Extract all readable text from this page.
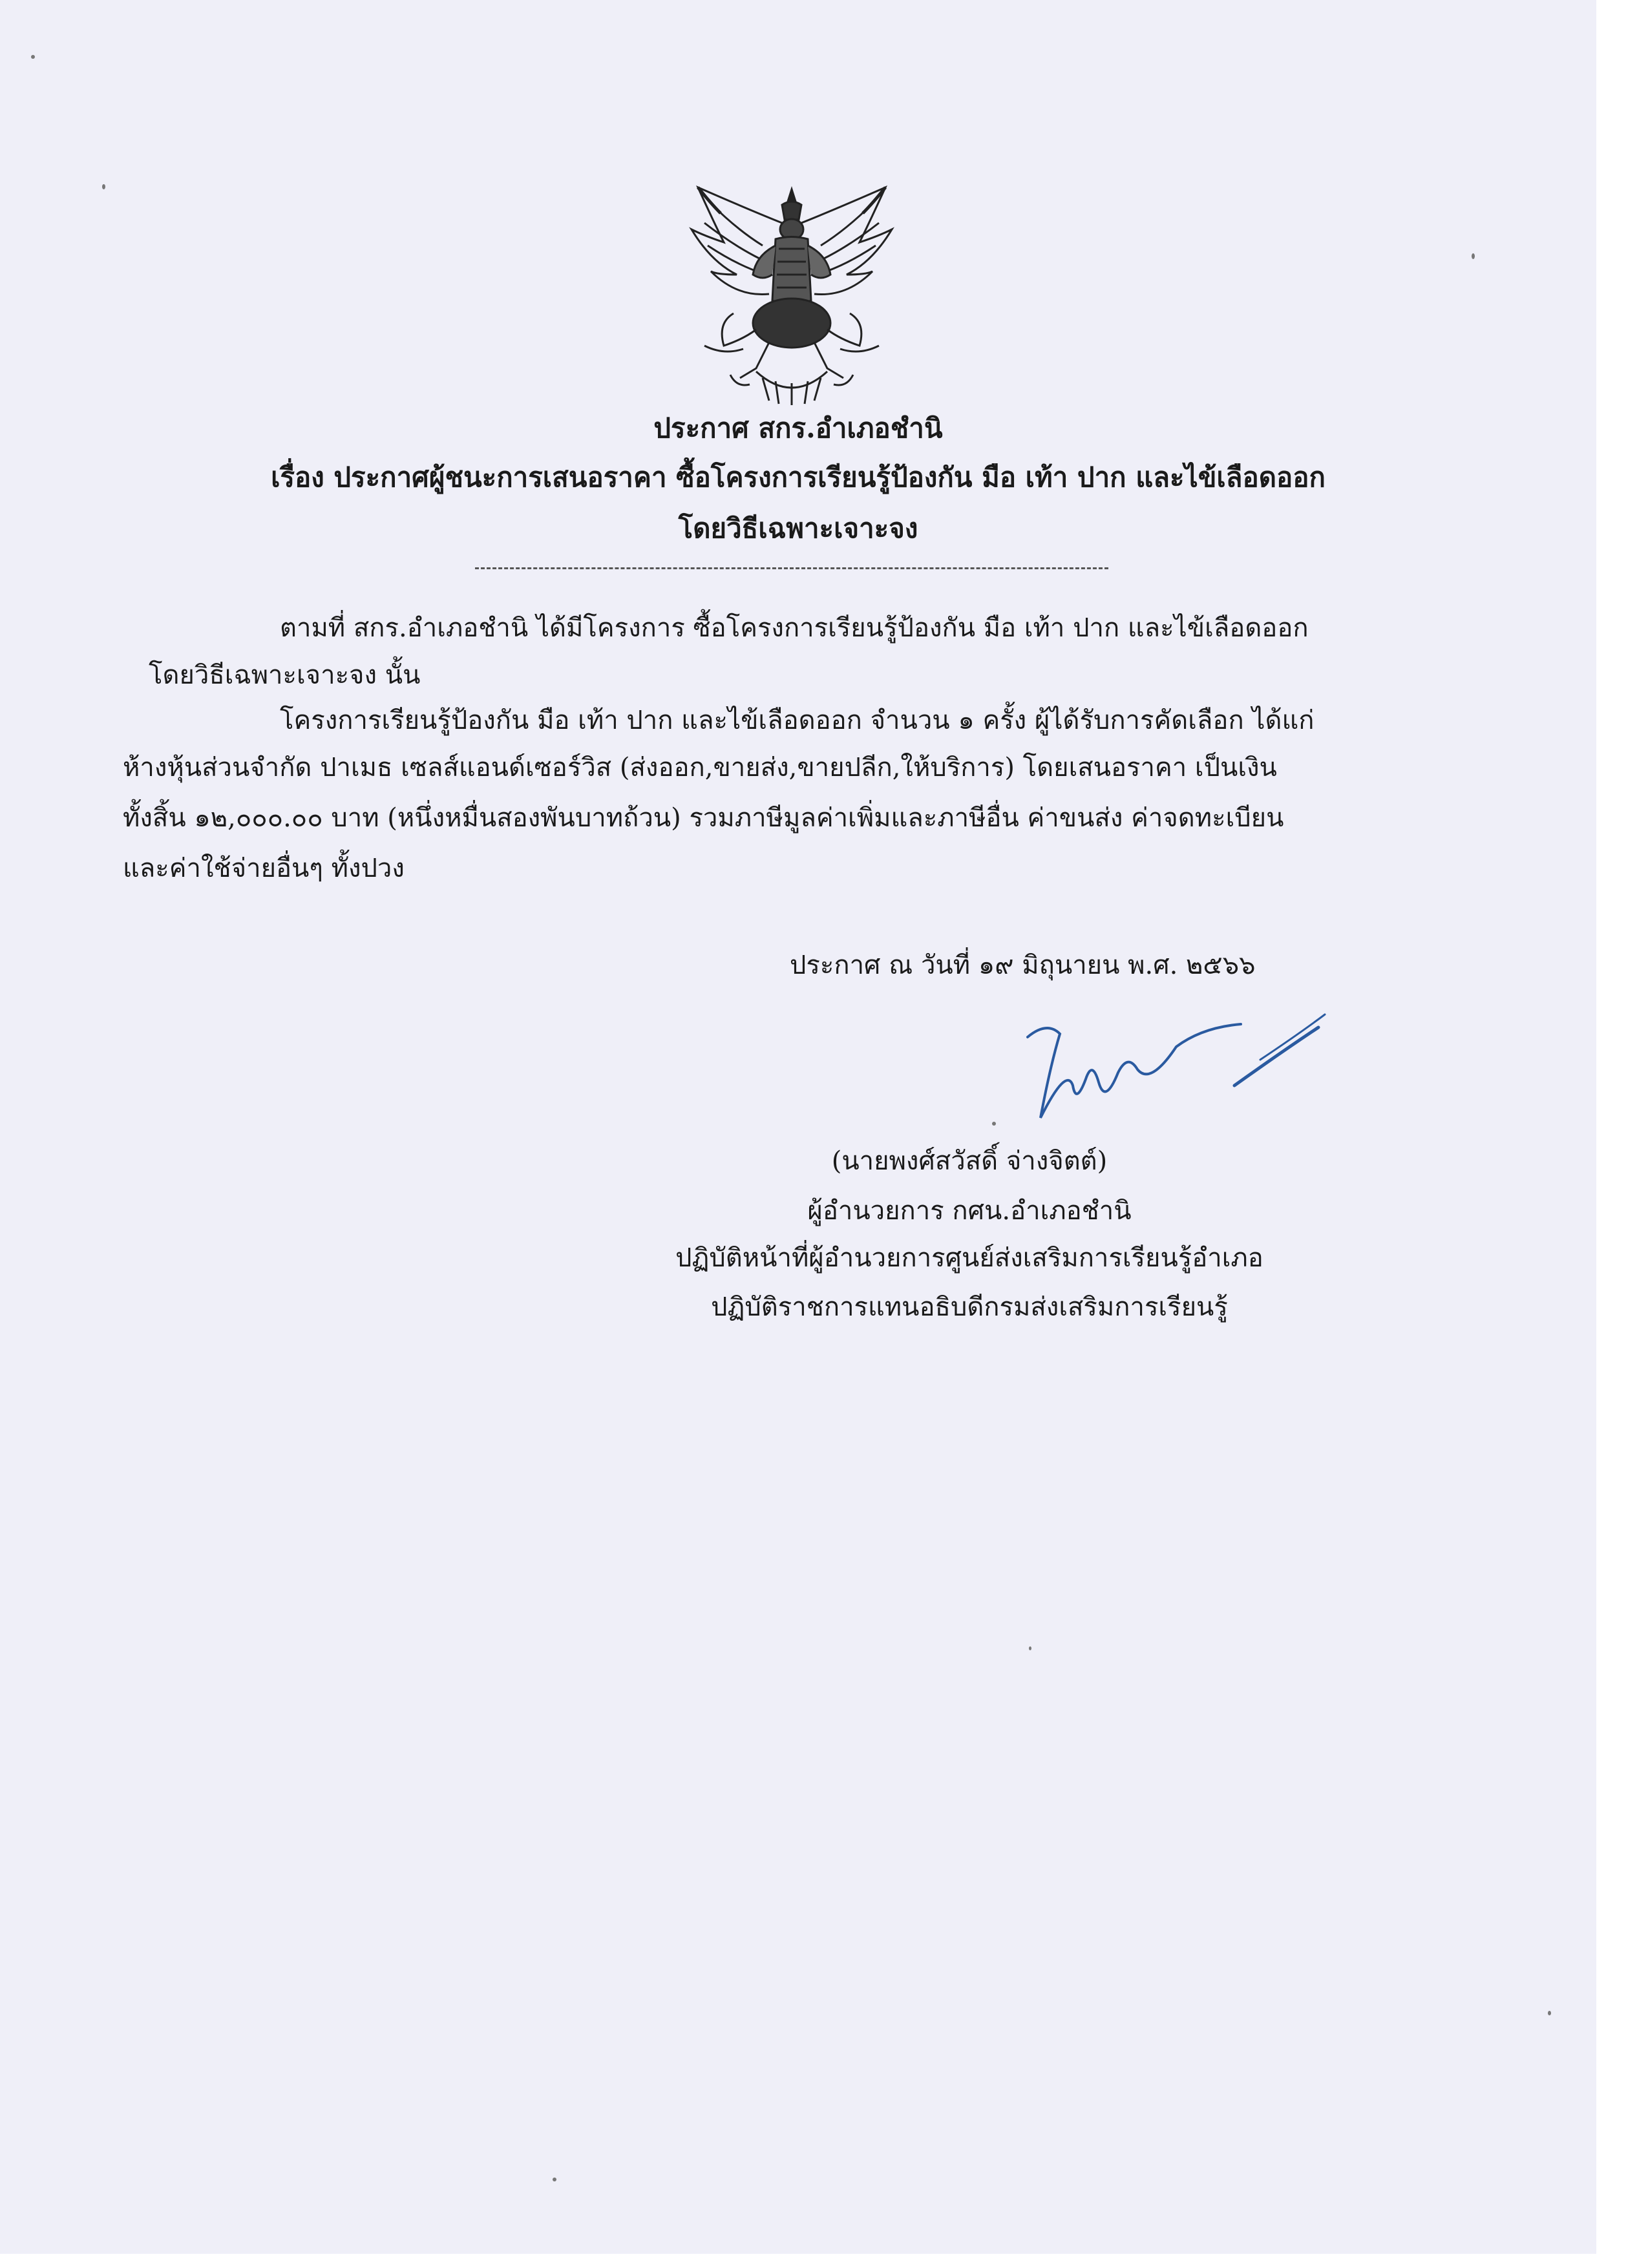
ประกาศ สกร.อำเภอชำนิ
เรื่อง ประกาศผู้ชนะการเสนอราคา ซื้อโครงการเรียนรู้ป้องกัน มือ เท้า ปาก และไข้เลือดออก
โดยวิธีเฉพาะเจาะจง
ตามที่ สกร.อำเภอชำนิ ได้มีโครงการ ซื้อโครงการเรียนรู้ป้องกัน มือ เท้า ปาก และไข้เลือดออก
โดยวิธีเฉพาะเจาะจง นั้น
โครงการเรียนรู้ป้องกัน มือ เท้า ปาก และไข้เลือดออก จำนวน ๑ ครั้ง ผู้ได้รับการคัดเลือก ได้แก่
ห้างหุ้นส่วนจำกัด ปาเมธ เซลส์แอนด์เซอร์วิส (ส่งออก,ขายส่ง,ขายปลีก,ให้บริการ) โดยเสนอราคา เป็นเงิน
ทั้งสิ้น ๑๒,๐๐๐.๐๐ บาท (หนึ่งหมื่นสองพันบาทถ้วน) รวมภาษีมูลค่าเพิ่มและภาษีอื่น ค่าขนส่ง ค่าจดทะเบียน
และค่าใช้จ่ายอื่นๆ ทั้งปวง
ประกาศ ณ วันที่ ๑๙ มิถุนายน พ.ศ. ๒๕๖๖
(นายพงศ์สวัสดิ์ จ่างจิตต์)
ผู้อำนวยการ กศน.อำเภอชำนิ
ปฏิบัติหน้าที่ผู้อำนวยการศูนย์ส่งเสริมการเรียนรู้อำเภอ
ปฏิบัติราชการแทนอธิบดีกรมส่งเสริมการเรียนรู้
